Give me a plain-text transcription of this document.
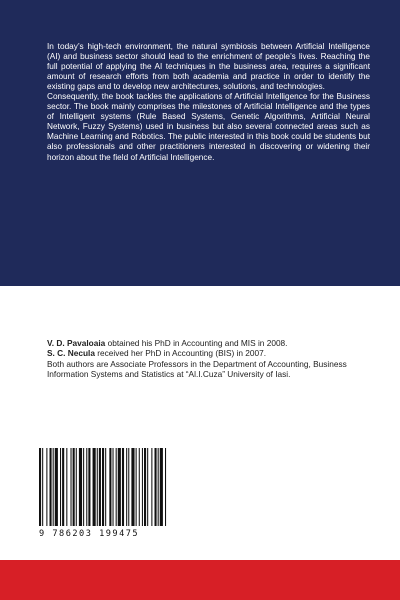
In today’s high-tech environment, the natural symbiosis between Artificial Intelligence (AI) and business sector should lead to the enrichment of people’s lives. Reaching the full potential of applying the AI techniques in the business area, requires a significant amount of research efforts from both academia and practice in order to identify the existing gaps and to develop new architectures, solutions, and technologies.

Consequently, the book tackles the applications of Artificial Intelligence for the Business sector. The book mainly comprises the milestones of Artificial Intelligence and the types of Intelligent systems (Rule Based Systems, Genetic Algorithms, Artificial Neural Network, Fuzzy Systems) used in business but also several connected areas such as Machine Learning and Robotics. The public interested in this book could be students but also professionals and other practitioners interested in discovering or widening their horizon about the field of Artificial Intelligence.

V. D. Pavaloaia obtained his PhD in Accounting and MIS in 2008.

S. C. Necula received her PhD in Accounting (BIS) in 2007.

Both authors are Associate Professors in the Department of Accounting, Business Information Systems and Statistics at “Al.I.Cuza” University of Iasi.

9 786203 199475
